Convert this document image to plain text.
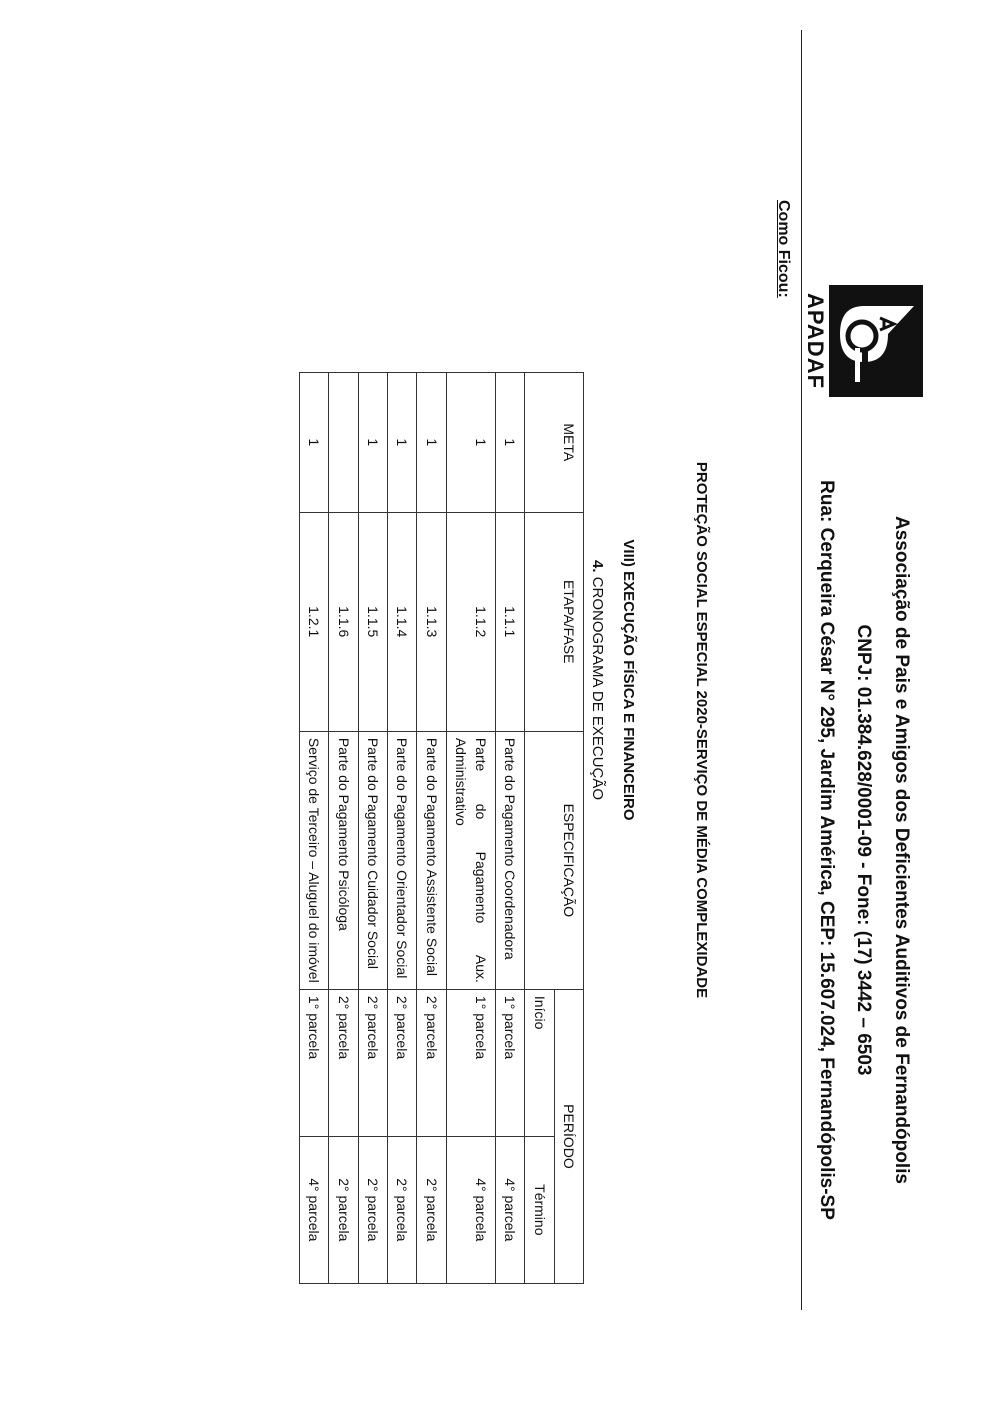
APADAF
Associação de Pais e Amigos dos Deficientes Auditivos de Fernandópolis
CNPJ: 01.384.628/0001-09 - Fone: (17) 3442 – 6503
Rua: Cerqueira César N° 295, Jardim América, CEP: 15.607.024, Fernandópolis-SP
Como Ficou:
PROTEÇÃO SOCIAL ESPECIAL 2020-SERVIÇO DE MÉDIA COMPLEXIDADE
VIII) EXECUÇÃO FÍSICA E FINANCEIRO
4. CRONOGRAMA DE EXECUÇÃO
META	ETAPA/FASE	ESPECIFICAÇÃO	PERÍODO	
			Início	Término
1	1.1.1	Parte do Pagamento Coordenadora	1° parcela	4° parcela
1	1.1.2	Parte do Pagamento Aux. Administrativo	1° parcela	4° parcela
1	1.1.3	Parte do Pagamento Assistente Social	2° parcela	2° parcela
1	1.1.4	Parte do Pagamento Orientador Social	2° parcela	2° parcela
1	1.1.5	Parte do Pagamento Cuidador Social	2° parcela	2° parcela
	1.1.6	Parte do Pagamento Psicóloga	2° parcela	2° parcela
1	1.2.1	Serviço de Terceiro – Aluguel do imóvel	1° parcela	4° parcela
